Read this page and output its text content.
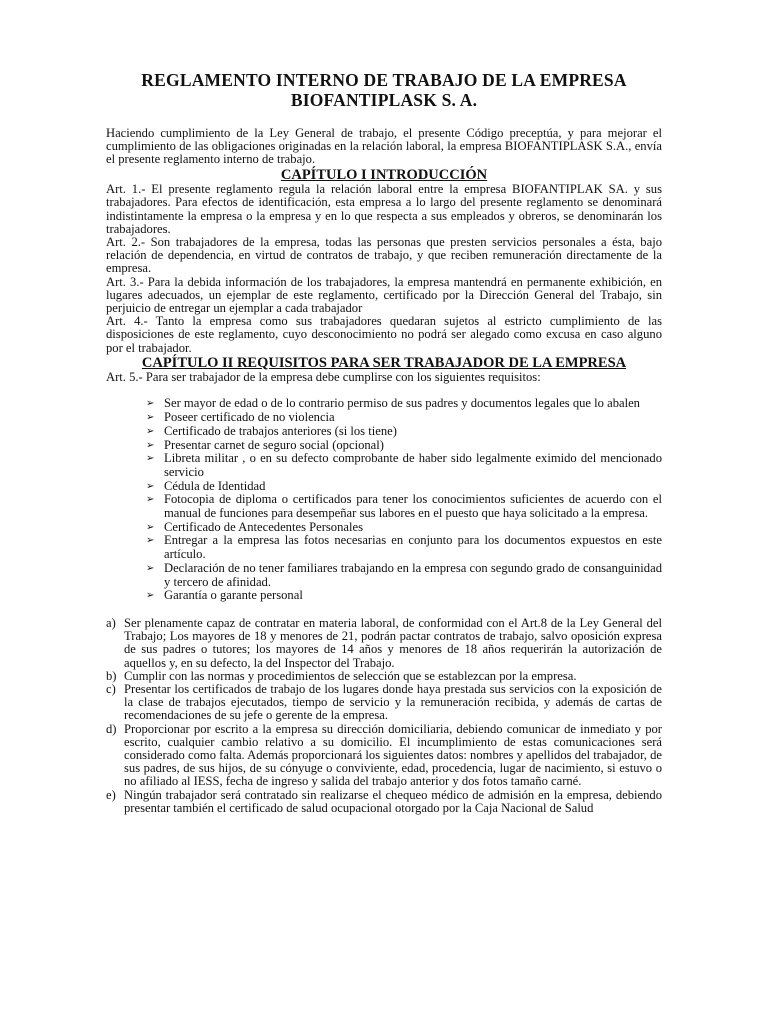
REGLAMENTO INTERNO DE TRABAJO DE LA EMPRESA
BIOFANTIPLASK S. A.

Haciendo cumplimiento de la Ley General de trabajo, el presente Código preceptúa, y para mejorar el cumplimiento de las obligaciones originadas en la relación laboral, la empresa BIOFANTIPLASK S.A., envía el presente reglamento interno de trabajo.

CAPÍTULO I INTRODUCCIÓN

Art. 1.- El presente reglamento regula la relación laboral entre la empresa BIOFANTIPLAK SA. y sus trabajadores. Para efectos de identificación, esta empresa a lo largo del presente reglamento se denominará indistintamente la empresa o la empresa y en lo que respecta a sus empleados y obreros, se denominarán los trabajadores.

Art. 2.- Son trabajadores de la empresa, todas las personas que presten servicios personales a ésta, bajo relación de dependencia, en virtud de contratos de trabajo, y que reciben remuneración directamente de la empresa.

Art. 3.- Para la debida información de los trabajadores, la empresa mantendrá en permanente exhibición, en lugares adecuados, un ejemplar de este reglamento, certificado por la Dirección General del Trabajo, sin perjuicio de entregar un ejemplar a cada trabajador

Art. 4.- Tanto la empresa como sus trabajadores quedaran sujetos al estricto cumplimiento de las disposiciones de este reglamento, cuyo desconocimiento no podrá ser alegado como excusa en caso alguno por el trabajador.

CAPÍTULO II REQUISITOS PARA SER TRABAJADOR DE LA EMPRESA

Art. 5.- Para ser trabajador de la empresa debe cumplirse con los siguientes requisitos:

➢ Ser mayor de edad o de lo contrario permiso de sus padres y documentos legales que lo abalen
➢ Poseer certificado de no violencia
➢ Certificado de trabajos anteriores (si los tiene)
➢ Presentar carnet de seguro social (opcional)
➢ Libreta militar , o en su defecto comprobante de haber sido legalmente eximido del mencionado servicio
➢ Cédula de Identidad
➢ Fotocopia de diploma o certificados para tener los conocimientos suficientes de acuerdo con el manual de funciones para desempeñar sus labores en el puesto que haya solicitado a la empresa.
➢ Certificado de Antecedentes Personales
➢ Entregar a la empresa las fotos necesarias en conjunto para los documentos expuestos en este artículo.
➢ Declaración de no tener familiares trabajando en la empresa con segundo grado de consanguinidad y tercero de afinidad.
➢ Garantía o garante personal
a) Ser plenamente capaz de contratar en materia laboral, de conformidad con el Art.8 de la Ley General del Trabajo; Los mayores de 18 y menores de 21, podrán pactar contratos de trabajo, salvo oposición expresa de sus padres o tutores; los mayores de 14 años y menores de 18 años requerirán la autorización de aquellos y, en su defecto, la del Inspector del Trabajo.
b) Cumplir con las normas y procedimientos de selección que se establezcan por la empresa.
c) Presentar los certificados de trabajo de los lugares donde haya prestada sus servicios con la exposición de la clase de trabajos ejecutados, tiempo de servicio y la remuneración recibida, y además de cartas de recomendaciones de su jefe o gerente de la empresa.
d) Proporcionar por escrito a la empresa su dirección domiciliaria, debiendo comunicar de inmediato y por escrito, cualquier cambio relativo a su domicilio. El incumplimiento de estas comunicaciones será considerado como falta. Además proporcionará los siguientes datos: nombres y apellidos del trabajador, de sus padres, de sus hijos, de su cónyuge o conviviente, edad, procedencia, lugar de nacimiento, si estuvo o no afiliado al IESS, fecha de ingreso y salida del trabajo anterior y dos fotos tamaño carné.
e) Ningún trabajador será contratado sin realizarse el chequeo médico de admisión en la empresa, debiendo presentar también el certificado de salud ocupacional otorgado por la Caja Nacional de Salud
